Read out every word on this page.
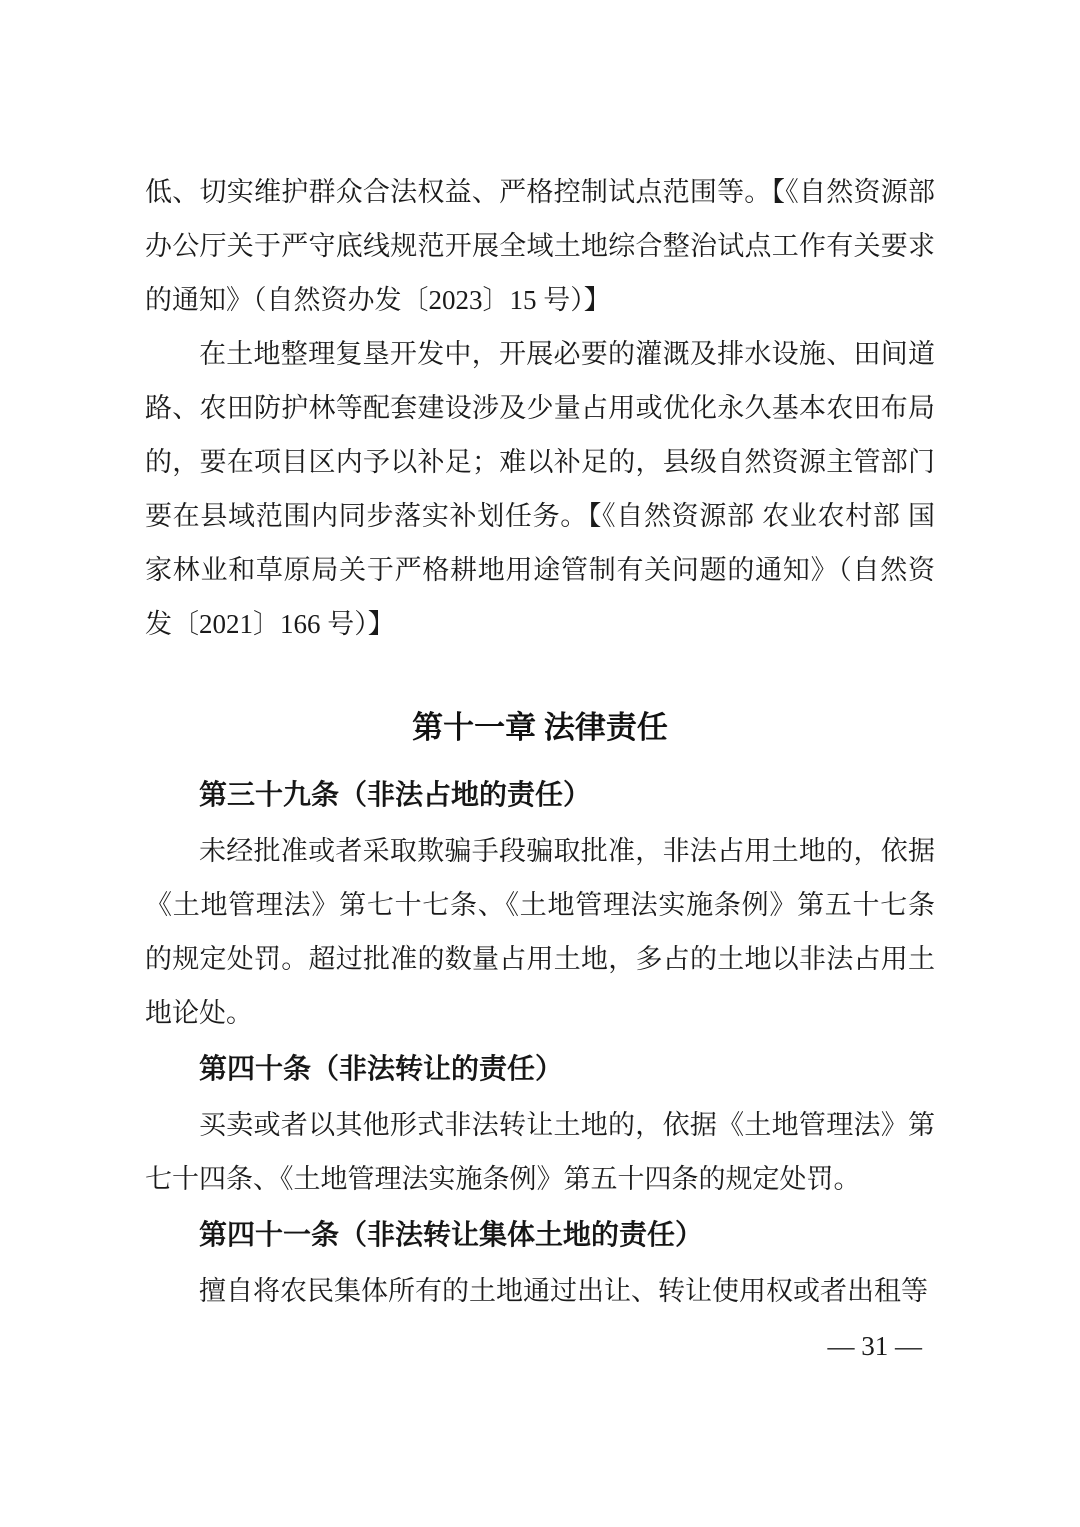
低、切实维护群众合法权益、严格控制试点范围等。【《自然资源部办公厅关于严守底线规范开展全域土地综合整治试点工作有关要求的通知》（自然资办发〔2023〕15 号）】

在土地整理复垦开发中，开展必要的灌溉及排水设施、田间道路、农田防护林等配套建设涉及少量占用或优化永久基本农田布局的，要在项目区内予以补足；难以补足的，县级自然资源主管部门要在县域范围内同步落实补划任务。【《自然资源部 农业农村部 国家林业和草原局关于严格耕地用途管制有关问题的通知》（自然资发〔2021〕166 号）】

第十一章 法律责任
第三十九条（非法占地的责任）

未经批准或者采取欺骗手段骗取批准，非法占用土地的，依据《土地管理法》第七十七条、《土地管理法实施条例》第五十七条的规定处罚。超过批准的数量占用土地，多占的土地以非法占用土地论处。

第四十条（非法转让的责任）

买卖或者以其他形式非法转让土地的，依据《土地管理法》第七十四条、《土地管理法实施条例》第五十四条的规定处罚。

第四十一条（非法转让集体土地的责任）

擅自将农民集体所有的土地通过出让、转让使用权或者出租等

— 31 —
